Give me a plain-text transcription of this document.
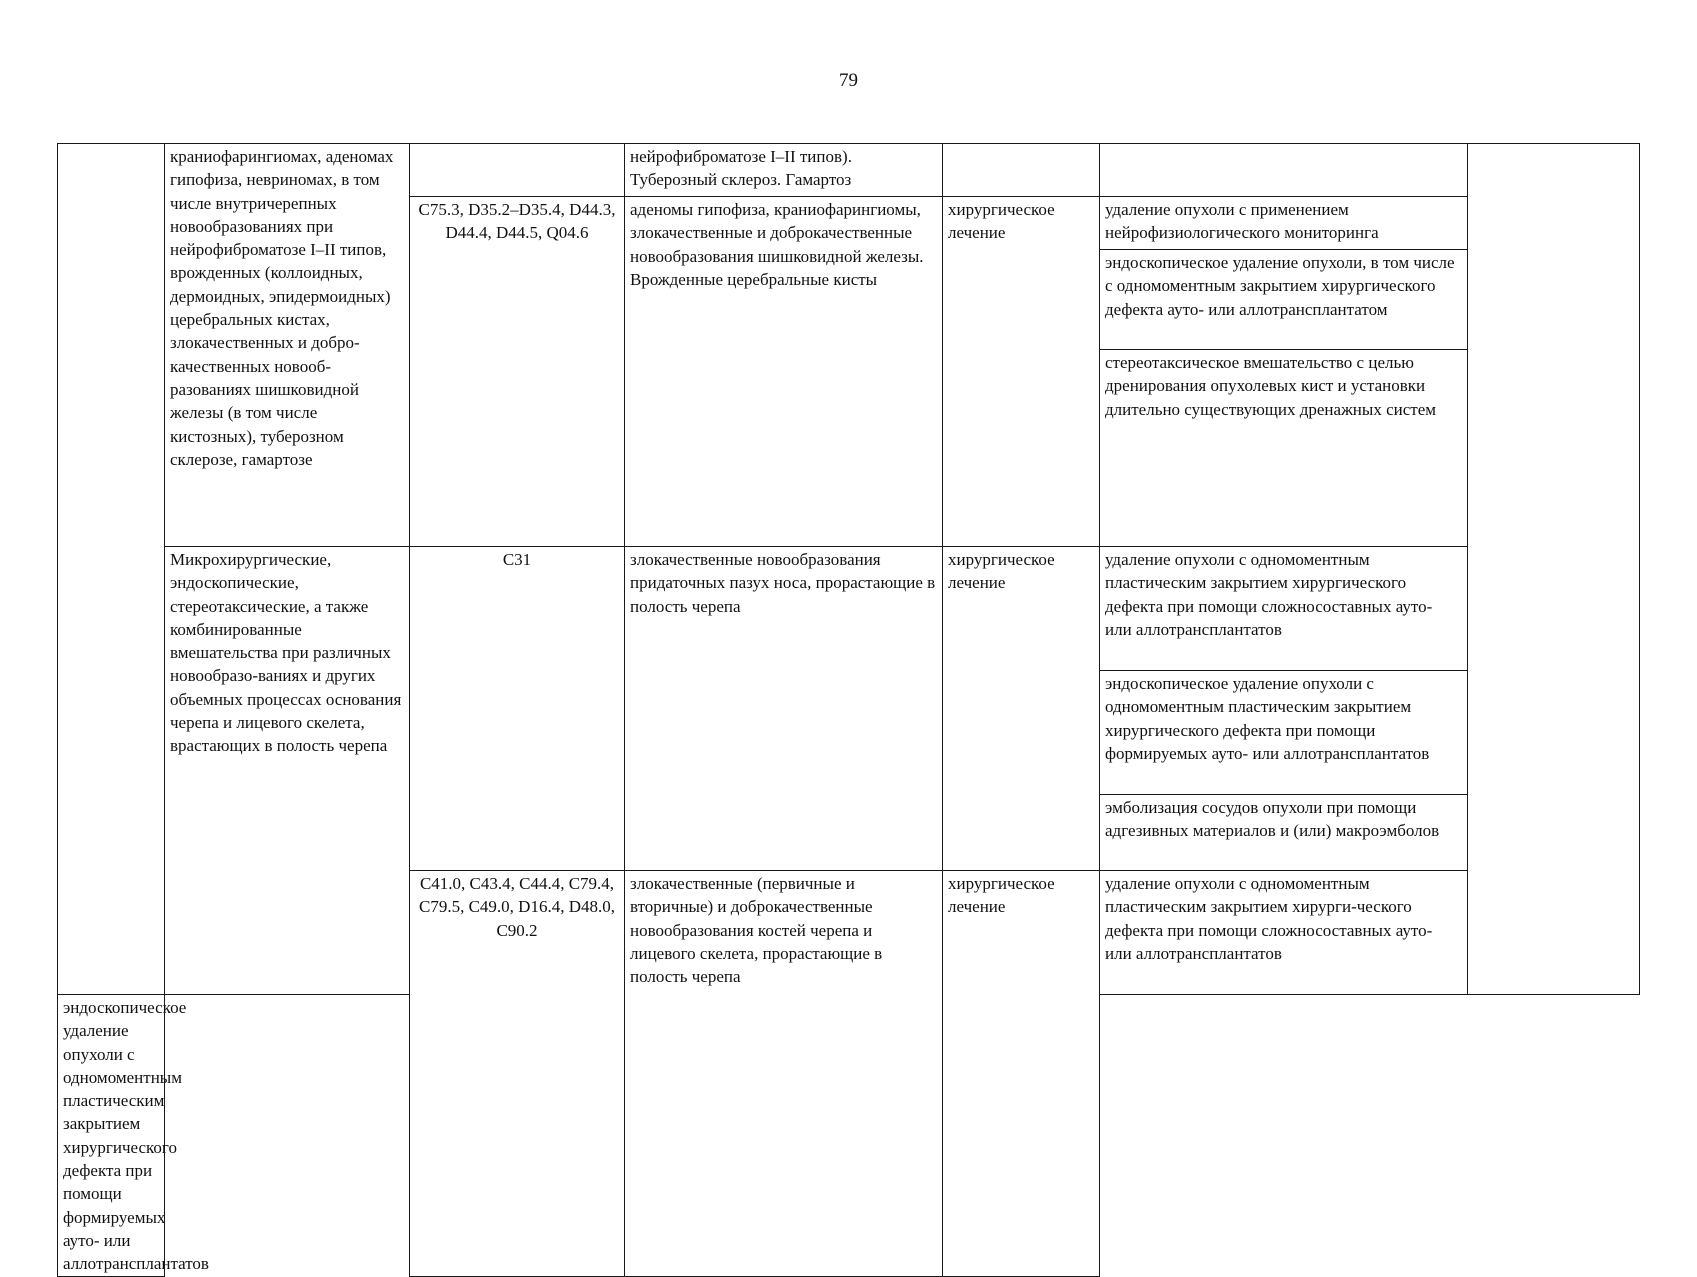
79
	краниофарингиомах, аденомах гипофиза, невриномах, в том числе внутричерепных новообразованиях при нейрофиброматозе I–II типов, врожденных (коллоидных, дермоидных, эпидермоидных) церебральных кистах, злокачественных и добро-качественных новооб-разованиях шишковидной железы (в том числе кистозных), туберозном склерозе, гамартозе		нейрофиброматозе I–II типов). Туберозный склероз. Гамартоз			
		C75.3, D35.2–D35.4, D44.3, D44.4, D44.5, Q04.6	аденомы гипофиза, краниофарингиомы, злокачественные и доброкачественные новообразования шишковидной железы. Врожденные церебральные кисты	хирургическое лечение	удаление опухоли с применением нейрофизиологического мониторинга	
					эндоскопическое удаление опухоли, в том числе с одномоментным закрытием хирургического дефекта ауто- или аллотрансплантатом	
					стереотаксическое вмешательство с целью дренирования опухолевых кист и установки длительно существующих дренажных систем	
	Микрохирургические, эндоскопические, стереотаксические, а также комбинированные вмешательства при различных новообразо-ваниях и других объемных процессах основания черепа и лицевого скелета, врастающих в полость черепа	C31	злокачественные новообразования придаточных пазух носа, прорастающие в полость черепа	хирургическое лечение	удаление опухоли с одномоментным пластическим закрытием хирургического дефекта при помощи сложносоставных ауто- или аллотрансплантатов	
					эндоскопическое удаление опухоли с одномоментным пластическим закрытием хирургического дефекта при помощи формируемых ауто- или аллотрансплантатов	
					эмболизация сосудов опухоли при помощи адгезивных материалов и (или) макроэмболов	
		C41.0, C43.4, C44.4, C79.4, C79.5, C49.0, D16.4, D48.0, C90.2	злокачественные (первичные и вторичные) и доброкачественные новообразования костей черепа и лицевого скелета, прорастающие в полость черепа	хирургическое лечение	удаление опухоли с одномоментным пластическим закрытием хирурги-ческого дефекта при помощи сложносоставных ауто- или аллотрансплантатов	
эндоскопическое удаление опухоли с одномоментным пластическим закрытием хирургического дефекта при помощи формируемых ауто- или аллотрансплантатов						
